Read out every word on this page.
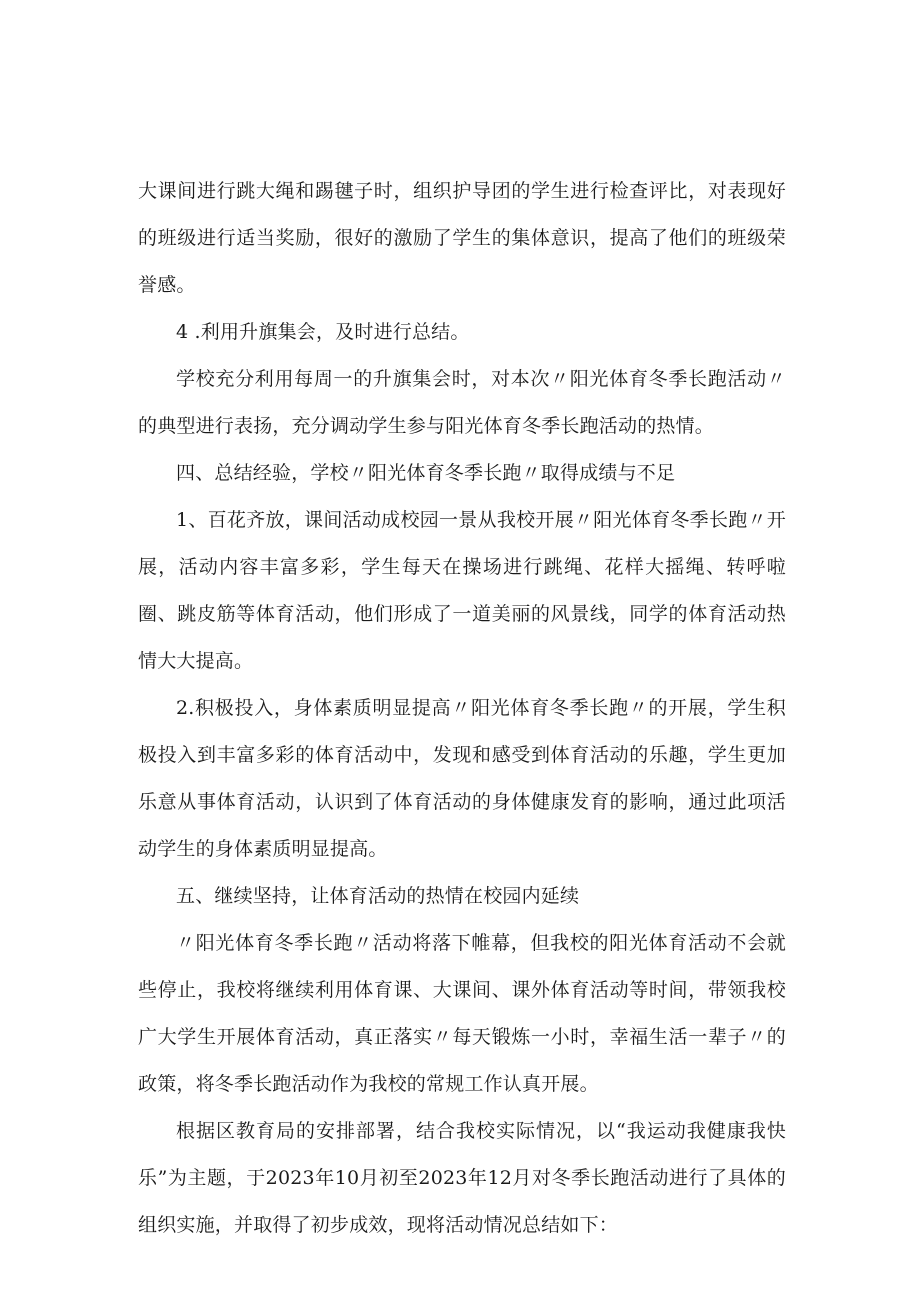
大课间进行跳大绳和踢毽子时，组织护导团的学生进行检查评比，对表现好的班级进行适当奖励，很好的激励了学生的集体意识，提高了他们的班级荣誉感。

4 .利用升旗集会，及时进行总结。

学校充分利用每周一的升旗集会时，对本次〃阳光体育冬季长跑活动〃的典型进行表扬，充分调动学生参与阳光体育冬季长跑活动的热情。

四、总结经验，学校〃阳光体育冬季长跑〃取得成绩与不足

1、百花齐放，课间活动成校园一景从我校开展〃阳光体育冬季长跑〃开展，活动内容丰富多彩，学生每天在操场进行跳绳、花样大摇绳、转呼啦圈、跳皮筋等体育活动，他们形成了一道美丽的风景线，同学的体育活动热情大大提高。

2.积极投入，身体素质明显提高〃阳光体育冬季长跑〃的开展，学生积极投入到丰富多彩的体育活动中，发现和感受到体育活动的乐趣，学生更加乐意从事体育活动，认识到了体育活动的身体健康发育的影响，通过此项活动学生的身体素质明显提高。

五、继续坚持，让体育活动的热情在校园内延续

〃阳光体育冬季长跑〃活动将落下帷幕，但我校的阳光体育活动不会就些停止，我校将继续利用体育课、大课间、课外体育活动等时间，带领我校广大学生开展体育活动，真正落实〃每天锻炼一小时，幸福生活一辈子〃的政策，将冬季长跑活动作为我校的常规工作认真开展。

根据区教育局的安排部署，结合我校实际情况，以“我运动我健康我快乐”为主题，于2023年10月初至2023年12月对冬季长跑活动进行了具体的组织实施，并取得了初步成效，现将活动情况总结如下：
